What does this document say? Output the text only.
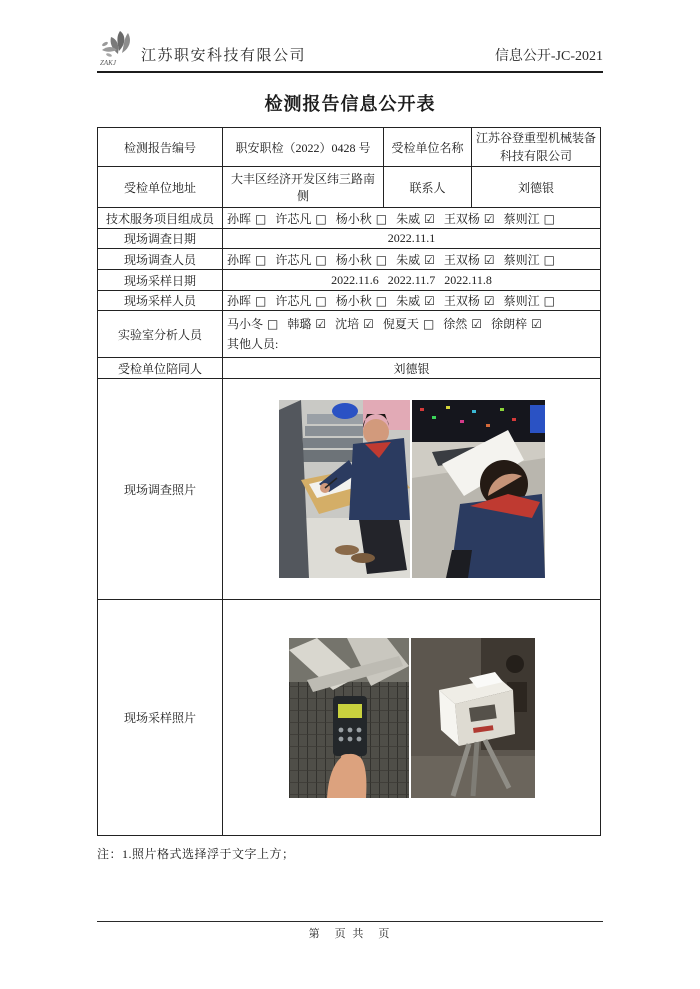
ZAKJ 江苏职安科技有限公司	信息公开-JC-2021
检测报告信息公开表
检测报告编号	职安职检（2022）0428 号	受检单位名称	江苏谷登重型机械装备科技有限公司
受检单位地址	大丰区经济开发区纬三路南侧	联系人	刘德银
技术服务项目组成员	孙晖 □ 许芯凡 □ 杨小秋 □ 朱威 ☑ 王双杨 ☑ 蔡则江 □		
现场调查日期	2022.11.1		
现场调查人员	孙晖 □ 许芯凡 □ 杨小秋 □ 朱威 ☑ 王双杨 ☑ 蔡则江 □		
现场采样日期	2022.11.6   2022.11.7   2022.11.8		
现场采样人员	孙晖 □ 许芯凡 □ 杨小秋 □ 朱威 ☑ 王双杨 ☑ 蔡则江 □		
实验室分析人员	马小冬 □ 韩璐 ☑ 沈培 ☑ 倪夏天 □ 徐然 ☑ 徐朗梓 ☑
其他人员:		

受检单位陪同人	刘德银		
现场调查照片	

现场采样照片	
注：1.照片格式选择浮于文字上方；
第　页 共　页
